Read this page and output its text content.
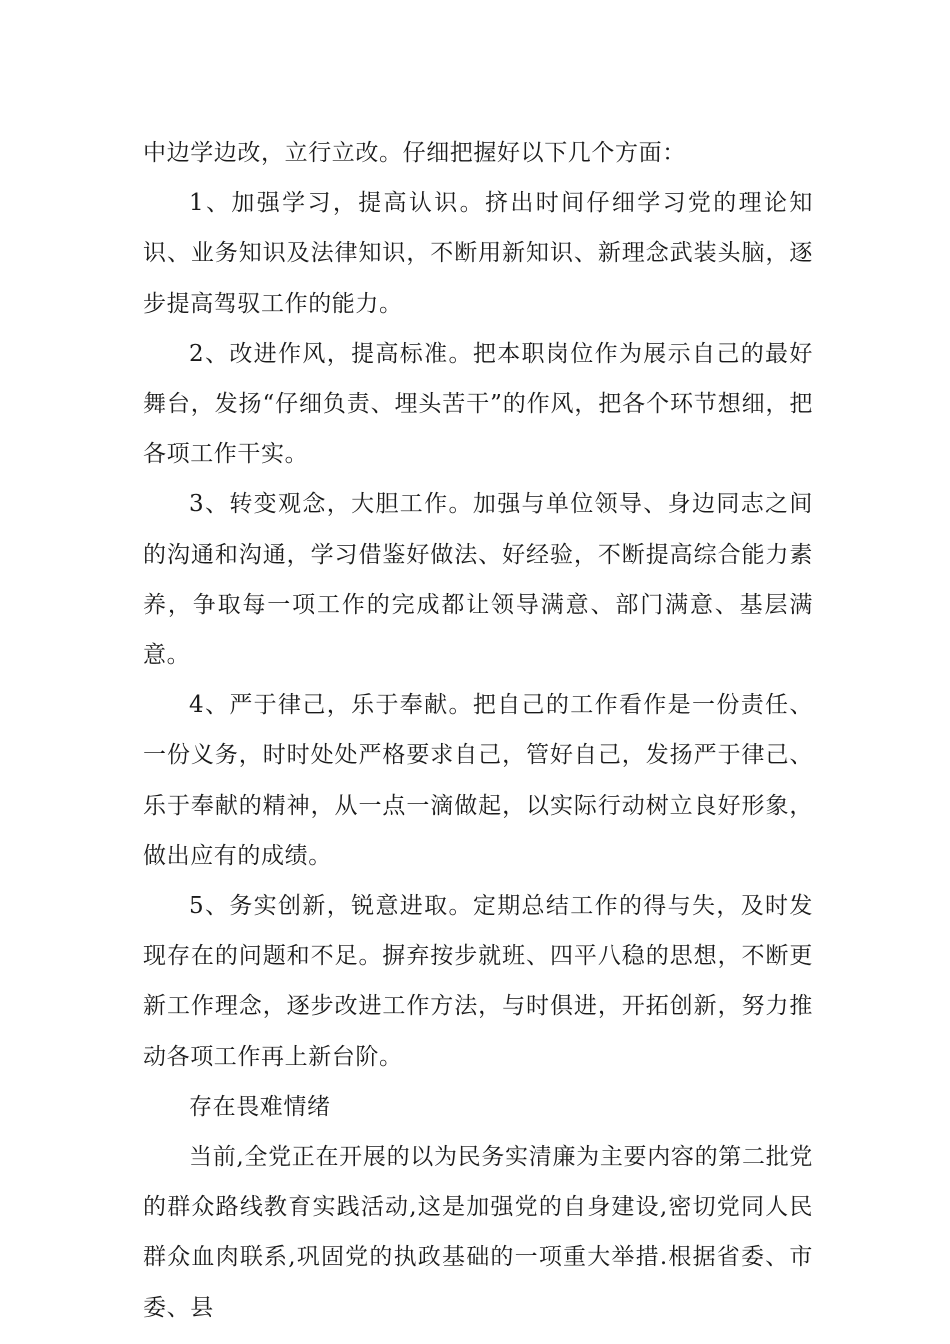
中边学边改，立行立改。仔细把握好以下几个方面：

1、加强学习，提高认识。挤出时间仔细学习党的理论知识、业务知识及法律知识，不断用新知识、新理念武装头脑，逐步提高驾驭工作的能力。

2、改进作风，提高标准。把本职岗位作为展示自己的最好舞台，发扬“仔细负责、埋头苦干”的作风，把各个环节想细，把各项工作干实。

3、转变观念，大胆工作。加强与单位领导、身边同志之间的沟通和沟通，学习借鉴好做法、好经验，不断提高综合能力素养，争取每一项工作的完成都让领导满意、部门满意、基层满意。

4、严于律己，乐于奉献。把自己的工作看作是一份责任、一份义务，时时处处严格要求自己，管好自己，发扬严于律己、乐于奉献的精神，从一点一滴做起，以实际行动树立良好形象，做出应有的成绩。

5、务实创新，锐意进取。定期总结工作的得与失，及时发现存在的问题和不足。摒弃按步就班、四平八稳的思想，不断更新工作理念，逐步改进工作方法，与时俱进，开拓创新，努力推动各项工作再上新台阶。

存在畏难情绪

当前,全党正在开展的以为民务实清廉为主要内容的第二批党的群众路线教育实践活动,这是加强党的自身建设,密切党同人民群众血肉联系,巩固党的执政基础的一项重大举措.根据省委、市委、县
